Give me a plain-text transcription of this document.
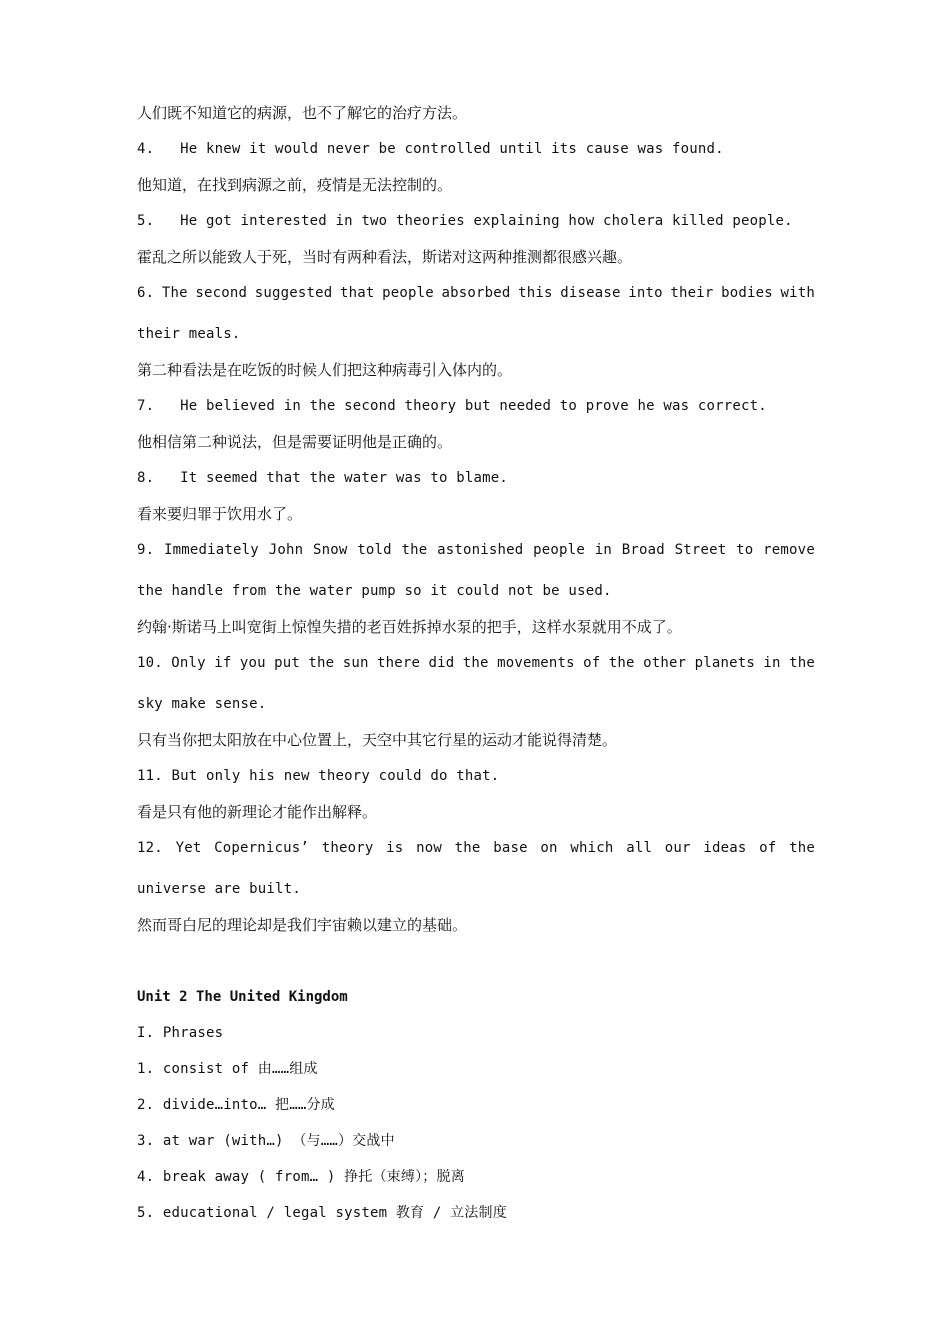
人们既不知道它的病源，也不了解它的治疗方法。
4.   He knew it would never be controlled until its cause was found.
他知道，在找到病源之前，疫情是无法控制的。
5.   He got interested in two theories explaining how cholera killed people.
霍乱之所以能致人于死，当时有两种看法，斯诺对这两种推测都很感兴趣。
6. The second suggested that people absorbed this disease into their bodies with
their meals.
第二种看法是在吃饭的时候人们把这种病毒引入体内的。
7.   He believed in the second theory but needed to prove he was correct.
他相信第二种说法，但是需要证明他是正确的。
8.   It seemed that the water was to blame.
看来要归罪于饮用水了。
9. Immediately John Snow told the astonished people in Broad Street to remove
the handle from the water pump so it could not be used.
约翰·斯诺马上叫宽街上惊惶失措的老百姓拆掉水泵的把手，这样水泵就用不成了。
10. Only if you put the sun there did the movements of the other planets in the
sky make sense.
只有当你把太阳放在中心位置上，天空中其它行星的运动才能说得清楚。
11. But only his new theory could do that.
看是只有他的新理论才能作出解释。
12. Yet Copernicus’ theory is now the base on which all our ideas of the
universe are built.
然而哥白尼的理论却是我们宇宙赖以建立的基础。
Unit 2 The United Kingdom
I. Phrases
1. consist of 由……组成
2. divide…into… 把……分成
3. at war (with…) （与……）交战中
4. break away ( from… ) 挣托（束缚）；脱离
5. educational / legal system 教育 / 立法制度
